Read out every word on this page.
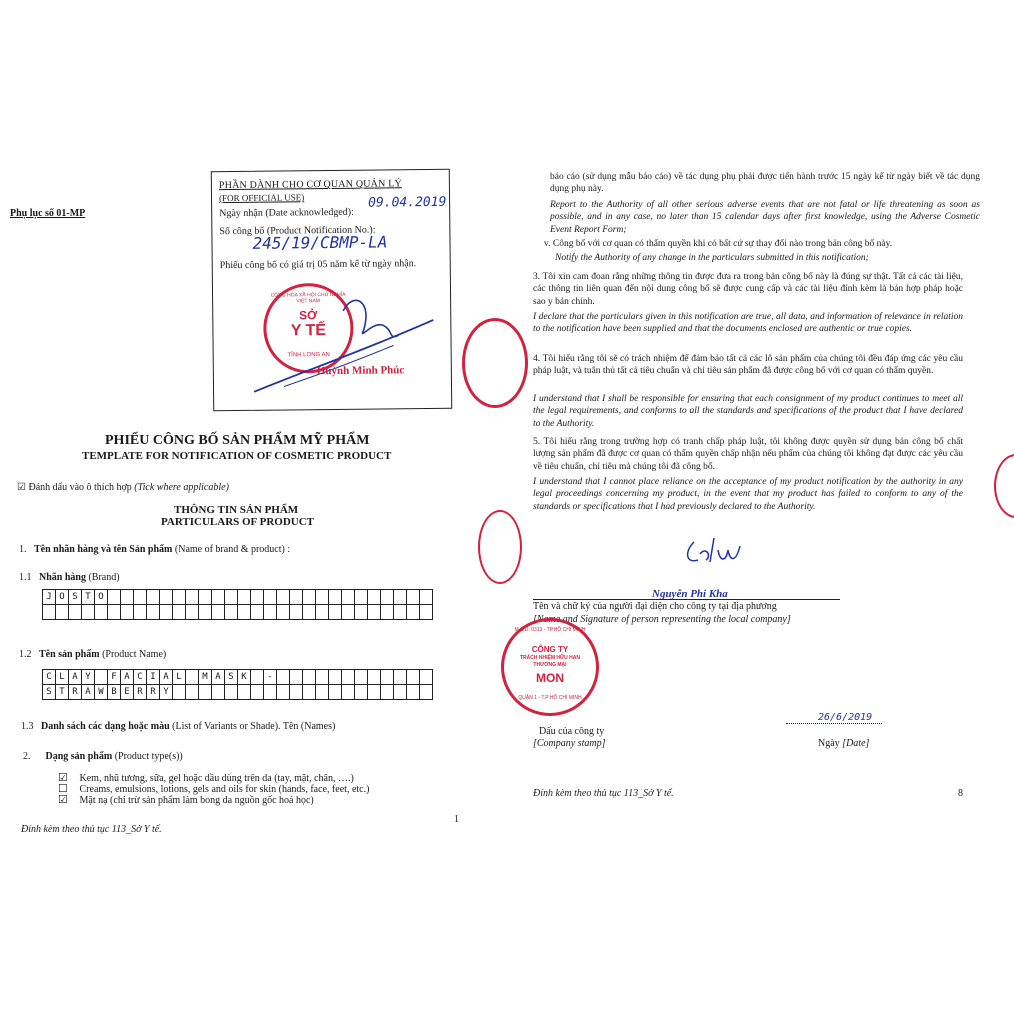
Phụ lục số 01-MP
PHẦN DÀNH CHO CƠ QUAN QUẢN LÝ
(FOR OFFICIAL USE)
Ngày nhận (Date acknowledged):
09.04.2019
Số công bố (Product Notification No.):
245/19/CBMP-LA
Phiếu công bố có giá trị 05 năm kể từ ngày nhận.
CỘNG HÒA XÃ HỘI CHỦ NGHĨA VIỆT NAM
SỞ
Y TẾ
TỈNH LONG AN
Huỳnh Minh Phúc
PHIẾU CÔNG BỐ SẢN PHẨM MỸ PHẨM
TEMPLATE FOR NOTIFICATION OF COSMETIC PRODUCT
☑ Đánh dấu vào ô thích hợp (Tick where applicable)
THÔNG TIN SẢN PHẨM
PARTICULARS OF PRODUCT
1. Tên nhãn hàng và tên Sản phẩm (Name of brand & product) :
1.1 Nhãn hàng (Brand)
J	O	S	T	O																									

1.2 Tên sản phẩm (Product Name)
C	L	A	Y		F	A	C	I	A	L		M	A	S	K		-												
S	T	R	A	W	B	E	R	R	Y																				
1.3 Danh sách các dạng hoặc màu (List of Variants or Shade). Tên (Names)
2. Dạng sản phẩm (Product type(s))
☑ Kem, nhũ tương, sữa, gel hoặc dầu dùng trên da (tay, mặt, chân, ….)
☐ Creams, emulsions, lotions, gels and oils for skin (hands, face, feet, etc.)
☑ Mặt nạ (chỉ trừ sản phẩm làm bong da nguồn gốc hoá học)
1
Đính kèm theo thủ tục 113_Sở Y tế.
báo cáo (sử dụng mẫu báo cáo) về tác dụng phụ phải được tiến hành trước 15 ngày kể từ ngày biết về tác dụng dụng phụ này.
Report to the Authority of all other serious adverse events that are not fatal or life threatening as soon as possible, and in any case, no later than 15 calendar days after first knowledge, using the Adverse Cosmetic Event Report Form;
v. Công bố với cơ quan có thẩm quyền khi có bất cứ sự thay đổi nào trong bản công bố này.
Notify the Authority of any change in the particulars submitted in this notification;
3. Tôi xin cam đoan rằng những thông tin được đưa ra trong bản công bố này là đúng sự thật. Tất cả các tài liệu, các thông tin liên quan đến nội dung công bố sẽ được cung cấp và các tài liệu đính kèm là bản hợp pháp hoặc sao y bản chính.
I declare that the particulars given in this notification are true, all data, and information of relevance in relation to the notification have been supplied and that the documents enclosed are authentic or true copies.
4. Tôi hiểu rằng tôi sẽ có trách nhiệm để đảm bảo tất cả các lô sản phẩm của chúng tôi đều đáp ứng các yêu cầu pháp luật, và tuân thủ tất cả tiêu chuẩn và chỉ tiêu sản phẩm đã được công bố với cơ quan có thẩm quyền.
I understand that I shall be responsible for ensuring that each consignment of my product continues to meet all the legal requirements, and conforms to all the standards and specifications of the product that I have declared to the Authority.
5. Tôi hiểu rằng trong trường hợp có tranh chấp pháp luật, tôi không được quyền sử dụng bản công bố chất lượng sản phẩm đã được cơ quan có thẩm quyền chấp nhận nếu phẩm của chúng tôi không đạt được các yêu cầu về tiêu chuẩn, chỉ tiêu mà chúng tôi đã công bố.
I understand that I cannot place reliance on the acceptance of my product notification by the authority in any legal proceedings concerning my product, in the event that my product has failed to conform to any of the standards or specifications that I had previously declared to the Authority.
Nguyễn Phi Kha
Tên và chữ ký của người đại diện cho công ty tại địa phương
[Name and Signature of person representing the local company]
M.S.D: 0313 - TP.HỒ CHÍ MINH
CÔNG TY
TRÁCH NHIỆM HỮU HẠN
THƯƠNG MẠI
MON
QUẬN 1 - T.P HỒ CHÍ MINH
Dấu của công ty
[Company stamp]
26/6/2019
Ngày [Date]
Đính kèm theo thủ tục 113_Sở Y tế.	8
